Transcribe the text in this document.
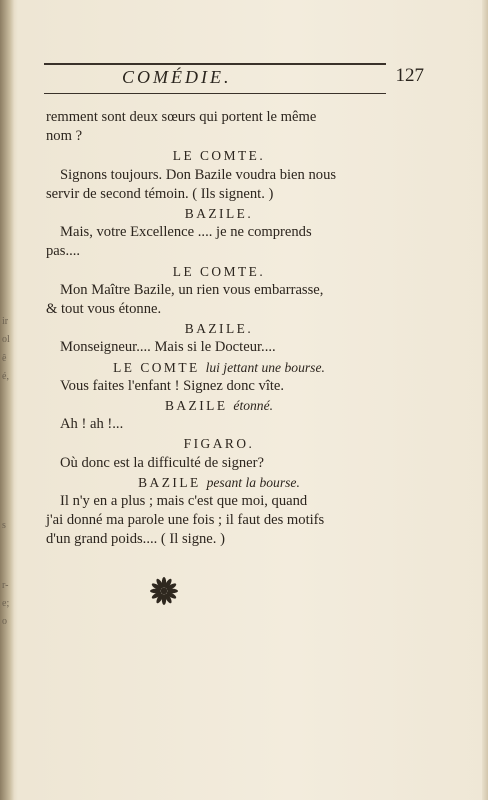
ir
ol
ê
é,
s
r-
e;
o
COMÉDIE.	127
remment sont deux sœurs qui portent le même
nom ?
LE COMTE.
Signons toujours. Don Bazile voudra bien nous
servir de second témoin. ( Ils signent. )
BAZILE.
Mais, votre Excellence .... je ne comprends
pas....
LE COMTE.
Mon Maître Bazile, un rien vous embarrasse,
& tout vous étonne.
BAZILE.
Monseigneur.... Mais si le Docteur....
LE COMTE lui jettant une bourse.
Vous faites l'enfant ! Signez donc vîte.
BAZILE étonné.
Ah ! ah !...
FIGARO.
Où donc est la difficulté de signer?
BAZILE pesant la bourse.
Il n'y en a plus ; mais c'est que moi, quand
j'ai donné ma parole une fois ; il faut des motifs
d'un grand poids.... ( Il signe. )
